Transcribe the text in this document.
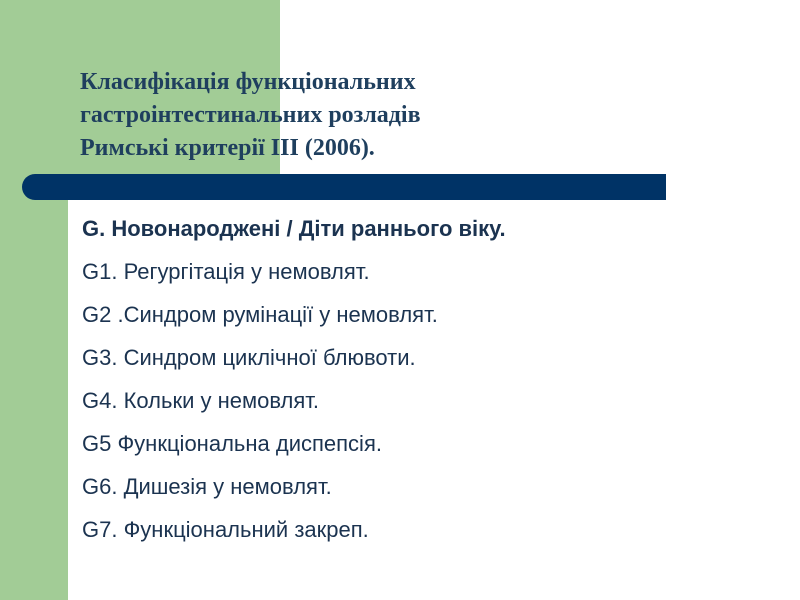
Класифікація функціональних
гастроінтестинальних розладів
Римські критерії III (2006).
G. Новонароджені / Діти раннього віку.
G1. Регургітація у немовлят.
G2 .Синдром румінації у немовлят.
G3. Синдром циклічної блювоти.
G4. Кольки у немовлят.
G5 Функціональна диспепсія.
G6. Дишезія у немовлят.
G7. Функціональний закреп.
